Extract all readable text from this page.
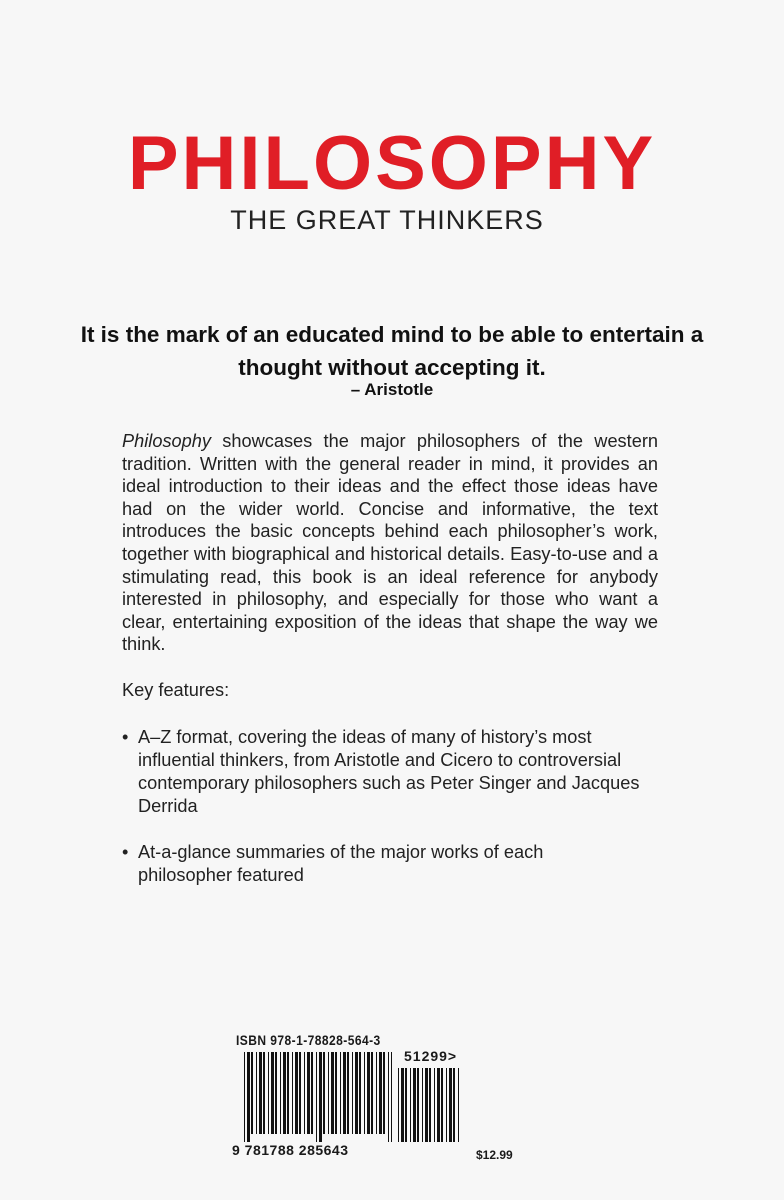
PHILOSOPHY
THE GREAT THINKERS
It is the mark of an educated mind to be able to entertain a thought without accepting it.
– Aristotle
Philosophy showcases the major philosophers of the western tradition. Written with the general reader in mind, it provides an ideal introduction to their ideas and the effect those ideas have had on the wider world. Concise and informative, the text introduces the basic concepts behind each philosopher’s work, together with biographical and historical details. Easy-to-use and a stimulating read, this book is an ideal reference for anybody interested in philosophy, and especially for those who want a clear, entertaining exposition of the ideas that shape the way we think.
Key features:
• A–Z format, covering the ideas of many of history’s most influential thinkers, from Aristotle and Cicero to controversial contemporary philosophers such as Peter Singer and Jacques Derrida
• At-a-glance summaries of the major works of each philosopher featured
ISBN 978-1-78828-564-3
51299>
9 781788 285643	$12.99
